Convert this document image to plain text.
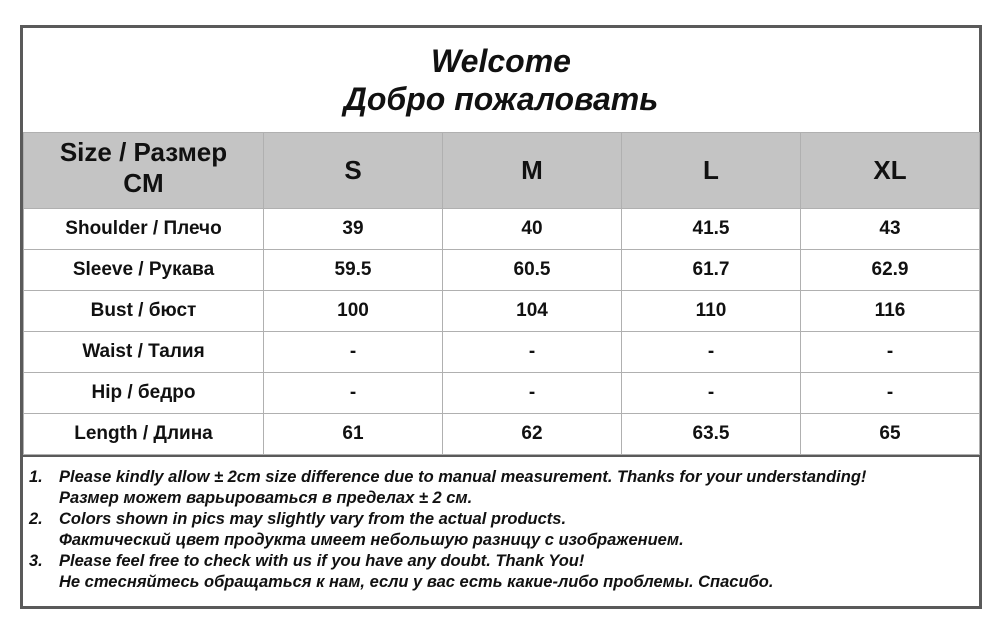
Welcome
Добро пожаловать
Size / Размер
CM	S	M	L	XL
Shoulder / Плечо	39	40	41.5	43
Sleeve / Рукава	59.5	60.5	61.7	62.9
Bust / бюст	100	104	110	116
Waist / Талия	-	-	-	-
Hip / бедро	-	-	-	-
Length / Длина	61	62	63.5	65
1. Please kindly allow ± 2cm size difference due to manual measurement. Thanks for your understanding!
Размер может варьироваться в пределах ± 2 см.
2. Colors shown in pics may slightly vary from the actual products.
Фактический цвет продукта имеет небольшую разницу с изображением.
3. Please feel free to check with us if you have any doubt. Thank You!
Не стесняйтесь обращаться к нам, если у вас есть какие-либо проблемы. Спасибо.
